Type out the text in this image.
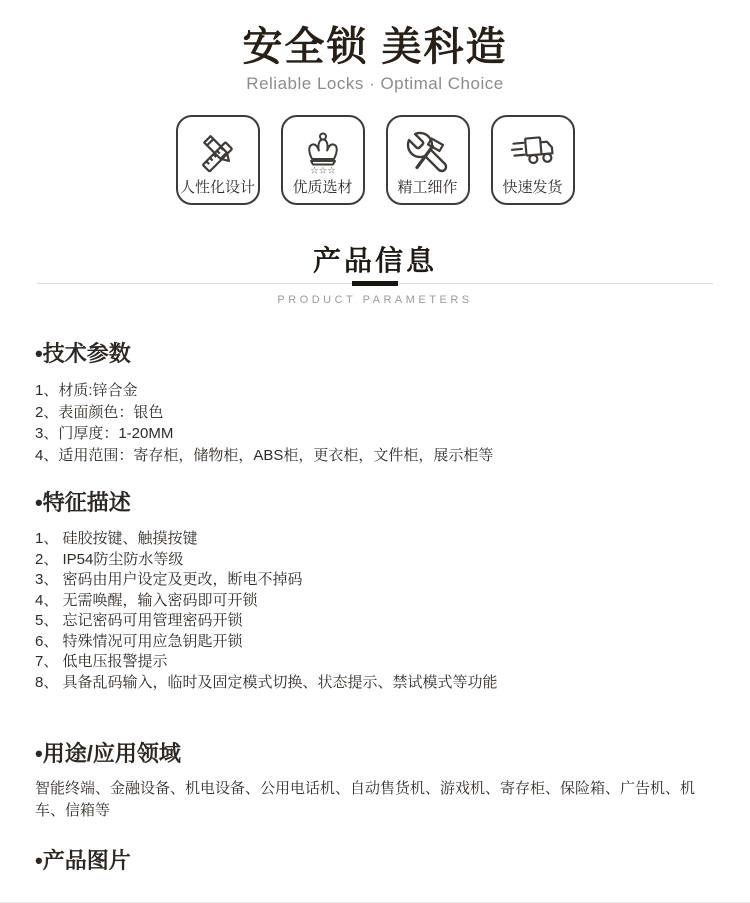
安全锁 美科造
Reliable Locks · Optimal Choice
人性化设计
☆☆☆
优质选材	精工细作	快速发货
产品信息
PRODUCT PARAMETERS
•技术参数
1、材质:锌合金
2、表面颜色：银色
3、门厚度：1-20MM
4、适用范围：寄存柜，储物柜，ABS柜，更衣柜，文件柜，展示柜等
•特征描述
1、 硅胶按键、触摸按键
2、 IP54防尘防水等级
3、 密码由用户设定及更改，断电不掉码
4、 无需唤醒，输入密码即可开锁
5、 忘记密码可用管理密码开锁
6、 特殊情况可用应急钥匙开锁
7、 低电压报警提示
8、 具备乱码输入，临时及固定模式切换、状态提示、禁试模式等功能
•用途/应用领域

智能终端、金融设备、机电设备、公用电话机、自动售货机、游戏机、寄存柜、保险箱、广告机、机车、信箱等

•产品图片
